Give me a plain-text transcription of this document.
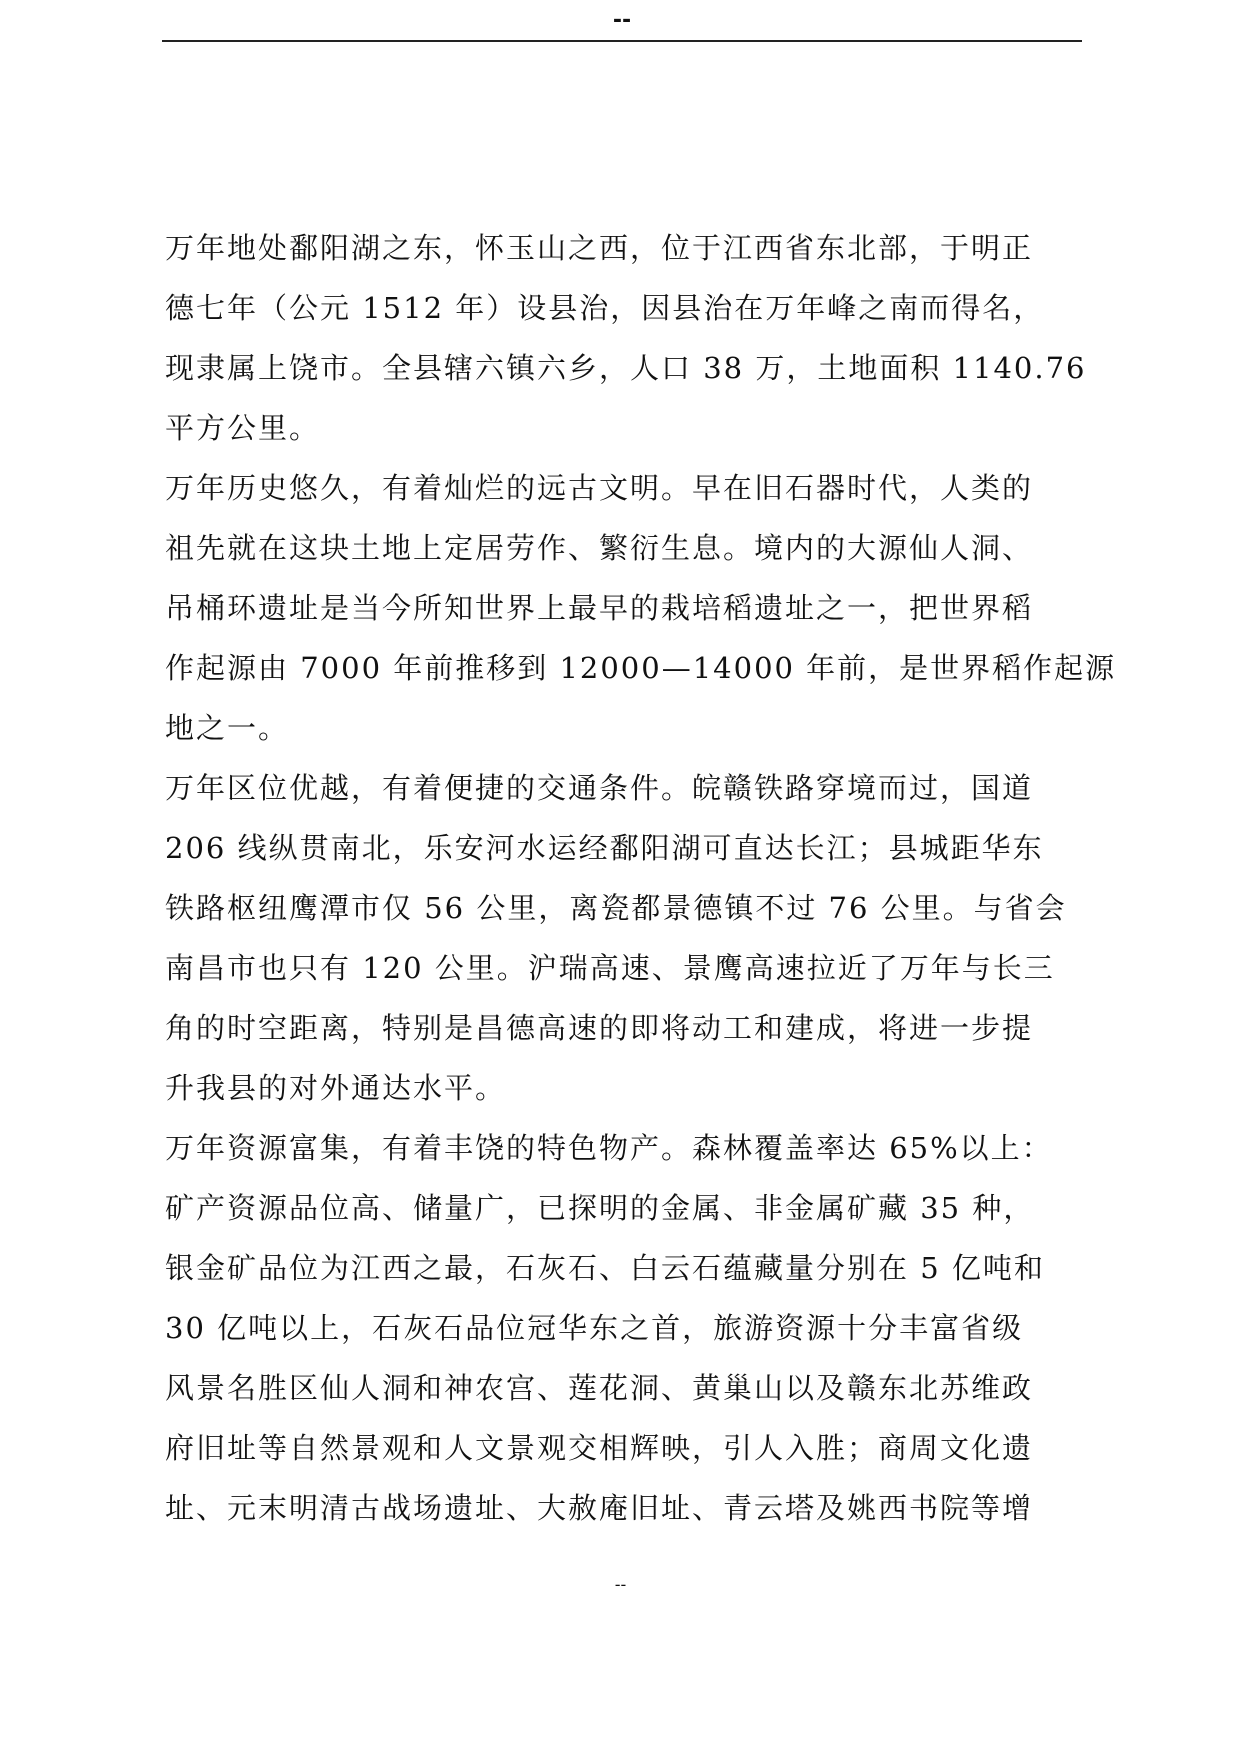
--

万年地处鄱阳湖之东，怀玉山之西，位于江西省东北部，于明正
德七年（公元 1512 年）设县治，因县治在万年峰之南而得名，
现隶属上饶市。全县辖六镇六乡，人口 38 万，土地面积 1140.76
平方公里。

万年历史悠久，有着灿烂的远古文明。早在旧石器时代，人类的
祖先就在这块土地上定居劳作、繁衍生息。境内的大源仙人洞、
吊桶环遗址是当今所知世界上最早的栽培稻遗址之一，把世界稻
作起源由 7000 年前推移到 12000—14000 年前，是世界稻作起源
地之一。

万年区位优越，有着便捷的交通条件。皖赣铁路穿境而过，国道
206 线纵贯南北，乐安河水运经鄱阳湖可直达长江；县城距华东
铁路枢纽鹰潭市仅 56 公里，离瓷都景德镇不过 76 公里。与省会
南昌市也只有 120 公里。沪瑞高速、景鹰高速拉近了万年与长三
角的时空距离，特别是昌德高速的即将动工和建成，将进一步提
升我县的对外通达水平。

万年资源富集，有着丰饶的特色物产。森林覆盖率达 65%以上：
矿产资源品位高、储量广，已探明的金属、非金属矿藏 35 种，
银金矿品位为江西之最，石灰石、白云石蕴藏量分别在 5 亿吨和
30 亿吨以上，石灰石品位冠华东之首，旅游资源十分丰富省级
风景名胜区仙人洞和神农宫、莲花洞、黄巢山以及赣东北苏维政
府旧址等自然景观和人文景观交相辉映，引人入胜；商周文化遗
址、元末明清古战场遗址、大赦庵旧址、青云塔及姚西书院等增

--
